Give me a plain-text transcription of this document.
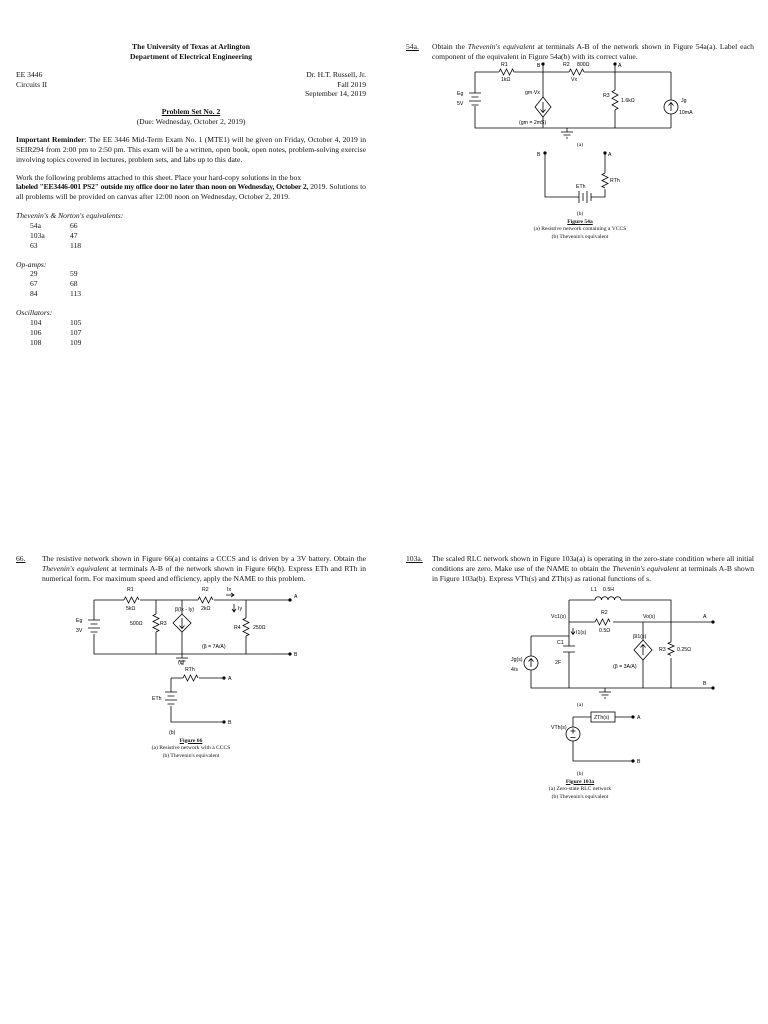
The University of Texas at Arlington
Department of Electrical Engineering
EE 3446
Circuits II
Dr. H.T. Russell, Jr.
Fall 2019
September 14, 2019
Problem Set No. 2
(Due: Wednesday, October 2, 2019)

Important Reminder: The EE 3446 Mid-Term Exam No. 1 (MTE1) will be given on Friday, October 4, 2019 in SEIR294 from 2:00 pm to 2:50 pm. This exam will be a written, open book, open notes, problem-solving exercise involving topics covered in lectures, problem sets, and labs up to this date.

Work the following problems attached to this sheet. Place your hard-copy solutions in the box
labeled "EE3446-001 PS2" outside my office door no later than noon on Wednesday, October 2, 2019. Solutions to all problems will be provided on canvas after 12:00 noon on Wednesday, October 2, 2019.

Thevenin's & Norton's equivalents:
54a	66
103a	47
63	118
Op-amps:
29	59
67	68
84	113
Oscillators:
104	105
106	107
108	109
54a.	Obtain the Thevenin's equivalent at terminals A-B of the network shown in Figure 54a(a). Label each component of the equivalent in Figure 54a(b) with its correct value.
B	A
R1
1kΩ
R2 800Ω
Vx
Eg
5V
gm·Vx
(gm = 2mS)
R3
1.6kΩ	Jg
10mA
(a)
B	A
RTh
ETh
(b)
Figure 54a
(a) Resistive network containing a VCCS
(b) Thevenin's equivalent
66.	The resistive network shown in Figure 66(a) contains a CCCS and is driven by a 3V battery. Obtain the Thevenin's equivalent at terminals A-B of the network shown in Figure 66(b). Express ETh and RTh in numerical form. For maximum speed and efficiency, apply the NAME to this problem.
R1
5kΩ
R2
2kΩ
Ix
A
Eg
3V
500Ω	R3
β(Ix - Iy)	Iy
R4 250Ω
(β = 7A/A)
B
(a)
RTh
A
ETh
B
(b)
Figure 66
(a) Resistive network with a CCCS
(b) Thevenin's equivalent
103a.	The scaled RLC network shown in Figure 103a(a) is operating in the zero-state condition where all initial conditions are zero. Make use of the NAME to obtain the Thevenin's equivalent at terminals A-B shown in Figure 103a(b). Express VTh(s) and ZTh(s) as rational functions of s.
L1 0.5H
Vc1(s)
R2
0.5Ω
Vo(s)	A
I1(s)
Jg(s)
4/s
C1
2F
βI1(s)
(β = 3A/A)
R3 0.25Ω
B
(a)
ZTh(s)	A
VTh(s)
B
(b)
Figure 103a
(a) Zero-state RLC network
(b) Thevenin's equivalent
